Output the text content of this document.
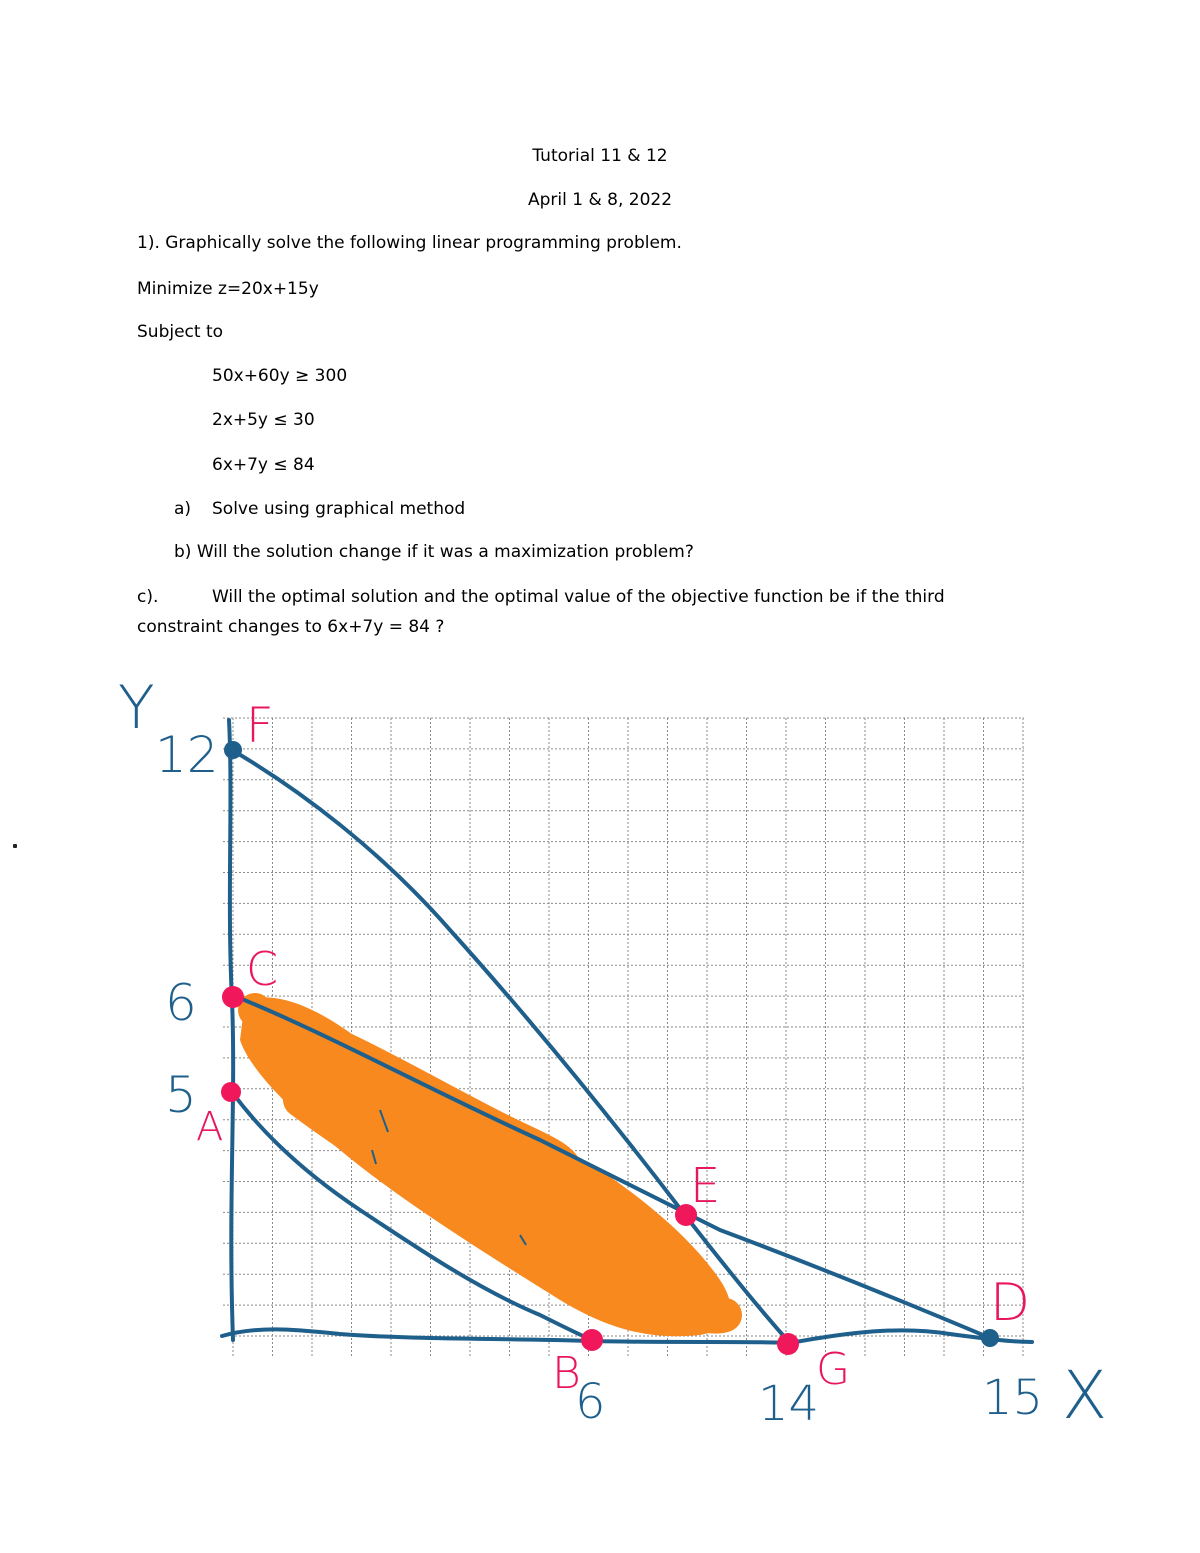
Tutorial 11 & 12
April 1 & 8, 2022
1). Graphically solve the following linear programming problem.
Minimize z=20x+15y
Subject to
50x+60y ≥ 300
2x+5y ≤ 30
6x+7y ≤ 84
a) Solve using graphical method
b) Will the solution change if it was a maximization problem?
c).	Will the optimal solution and the optimal value of the objective function be if the third
constraint changes to 6x+7y = 84 ?
Y
X
12
6
5
6	14	15
F
C
A
E
D
B	G
